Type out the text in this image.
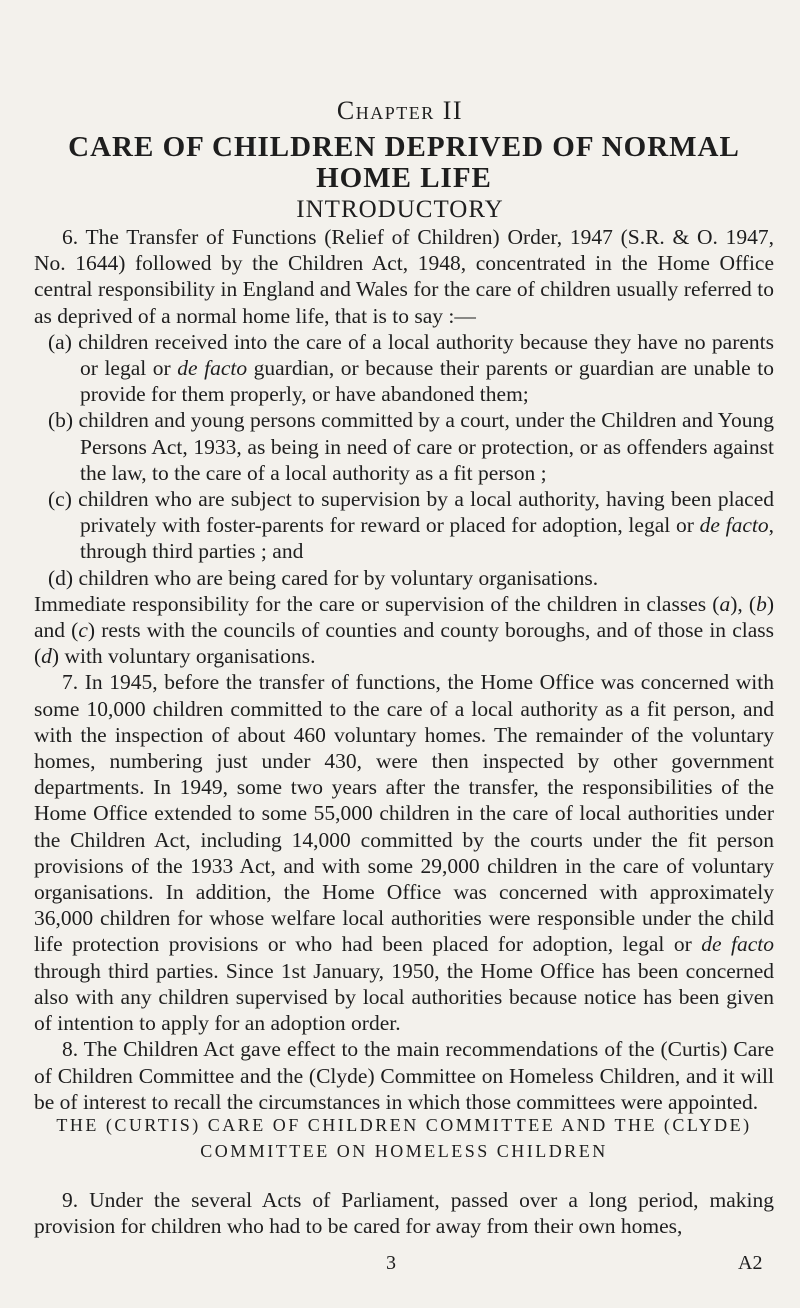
Chapter II
CARE OF CHILDREN DEPRIVED OF NORMAL HOME LIFE
INTRODUCTORY

6. The Transfer of Functions (Relief of Children) Order, 1947 (S.R. & O. 1947, No. 1644) followed by the Children Act, 1948, concentrated in the Home Office central responsibility in England and Wales for the care of children usually referred to as deprived of a normal home life, that is to say :—

(a) children received into the care of a local authority because they have no parents or legal or de facto guardian, or because their parents or guardian are unable to provide for them properly, or have abandoned them;

(b) children and young persons committed by a court, under the Children and Young Persons Act, 1933, as being in need of care or protection, or as offenders against the law, to the care of a local authority as a fit person ;

(c) children who are subject to supervision by a local authority, having been placed privately with foster-parents for reward or placed for adoption, legal or de facto, through third parties ; and

(d) children who are being cared for by voluntary organisations.

Immediate responsibility for the care or supervision of the children in classes (a), (b) and (c) rests with the councils of counties and county boroughs, and of those in class (d) with voluntary organisations.

7. In 1945, before the transfer of functions, the Home Office was concerned with some 10,000 children committed to the care of a local authority as a fit person, and with the inspection of about 460 voluntary homes. The remainder of the voluntary homes, numbering just under 430, were then inspected by other government departments. In 1949, some two years after the transfer, the responsibilities of the Home Office extended to some 55,000 children in the care of local authorities under the Children Act, including 14,000 committed by the courts under the fit person provisions of the 1933 Act, and with some 29,000 children in the care of voluntary organisations. In addition, the Home Office was concerned with approximately 36,000 children for whose welfare local authorities were responsible under the child life protection provisions or who had been placed for adoption, legal or de facto through third parties. Since 1st January, 1950, the Home Office has been concerned also with any children supervised by local authorities because notice has been given of intention to apply for an adoption order.

8. The Children Act gave effect to the main recommendations of the (Curtis) Care of Children Committee and the (Clyde) Committee on Homeless Children, and it will be of interest to recall the circumstances in which those committees were appointed.

THE (CURTIS) CARE OF CHILDREN COMMITTEE AND THE (CLYDE) COMMITTEE ON HOMELESS CHILDREN

9. Under the several Acts of Parliament, passed over a long period, making provision for children who had to be cared for away from their own homes,

3	A2
